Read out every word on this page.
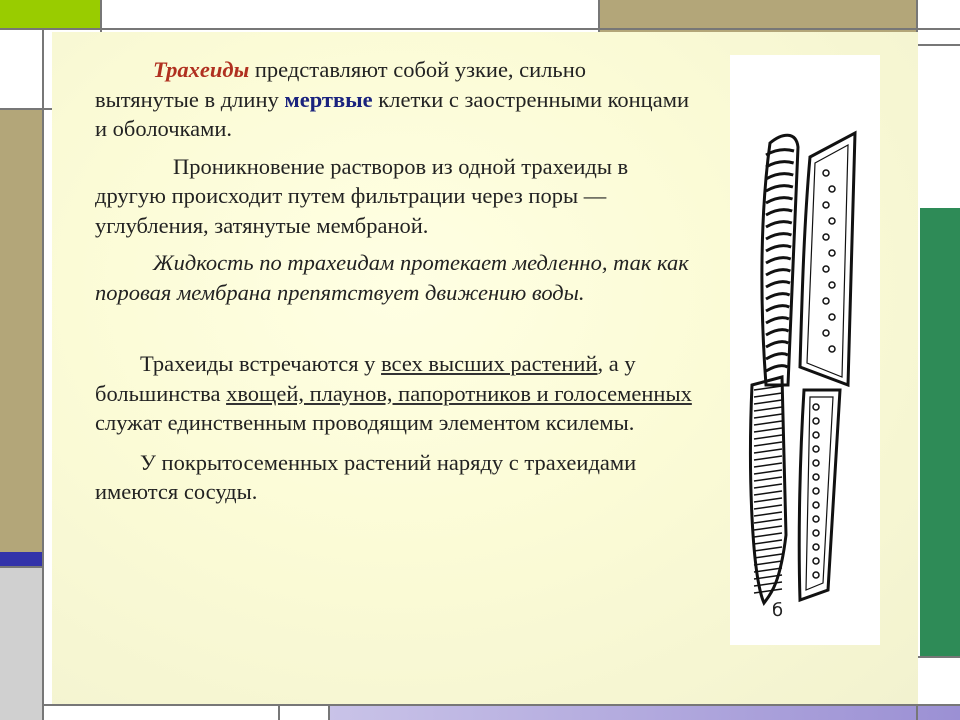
Трахеиды представляют собой узкие, сильно вытянутые в длину мертвые клетки с заостренными концами и оболочками.

Проникновение растворов из одной трахеиды в другую происходит путем фильтрации через поры — углубления, затянутые мембраной.

Жидкость по трахеидам протекает медленно, так как поровая мембрана препятствует движению воды.

Трахеиды встречаются у всех высших растений, а у большинства хвощей, плаунов, папоротников и голосеменных служат единственным проводящим элементом ксилемы.

У покрытосеменных растений наряду с трахеидами имеются сосуды.

б
